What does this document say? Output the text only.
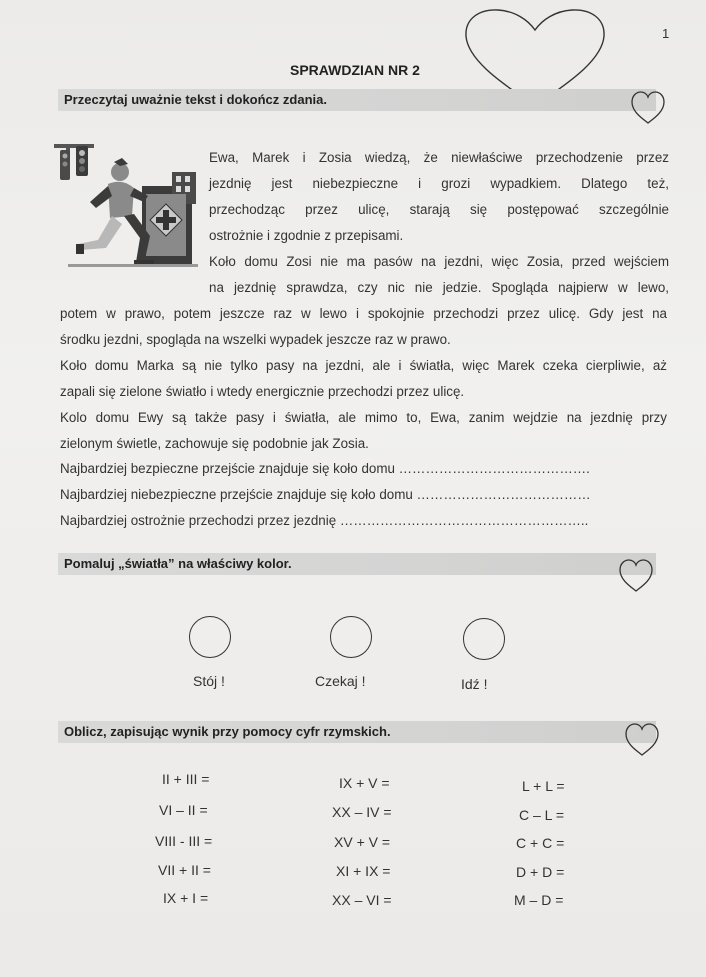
1
SPRAWDZIAN NR 2
Przeczytaj uważnie tekst i dokończ zdania.
Ewa, Marek i Zosia wiedzą, że niewłaściwe przechodzenie przez
jezdnię jest niebezpieczne i grozi wypadkiem. Dlatego też,
przechodząc przez ulicę, starają się postępować szczególnie
ostrożnie i zgodnie z przepisami.
Koło domu Zosi nie ma pasów na jezdni, więc Zosia, przed wejściem
na jezdnię sprawdza, czy nic nie jedzie. Spogląda najpierw w lewo,
potem w prawo, potem jeszcze raz w lewo i spokojnie przechodzi przez ulicę. Gdy jest na
środku jezdni, spogląda na wszelki wypadek jeszcze raz w prawo.
Koło domu Marka są nie tylko pasy na jezdni, ale i światła, więc Marek czeka cierpliwie, aż
zapali się zielone światło i wtedy energicznie przechodzi przez ulicę.
Kolo domu Ewy są także pasy i światła, ale mimo to, Ewa, zanim wejdzie na jezdnię przy
zielonym świetle, zachowuje się podobnie jak Zosia.
Najbardziej bezpieczne przejście znajduje się koło domu …………………………………….
Najbardziej niebezpieczne przejście znajduje się koło domu …………………………………
Najbardziej ostrożnie przechodzi przez jezdnię ………………………………………………..
Pomaluj „światła” na właściwy kolor.
Stój !	Czekaj !	Idź !
Oblicz, zapisując wynik przy pomocy cyfr rzymskich.
II + III =
VI – II =
VIII - III =
VII + II =
IX + I =
IX + V =
XX – IV =
XV + V =
XI + IX =
XX – VI =
L + L =
C – L =
C + C =
D + D =
M – D =
